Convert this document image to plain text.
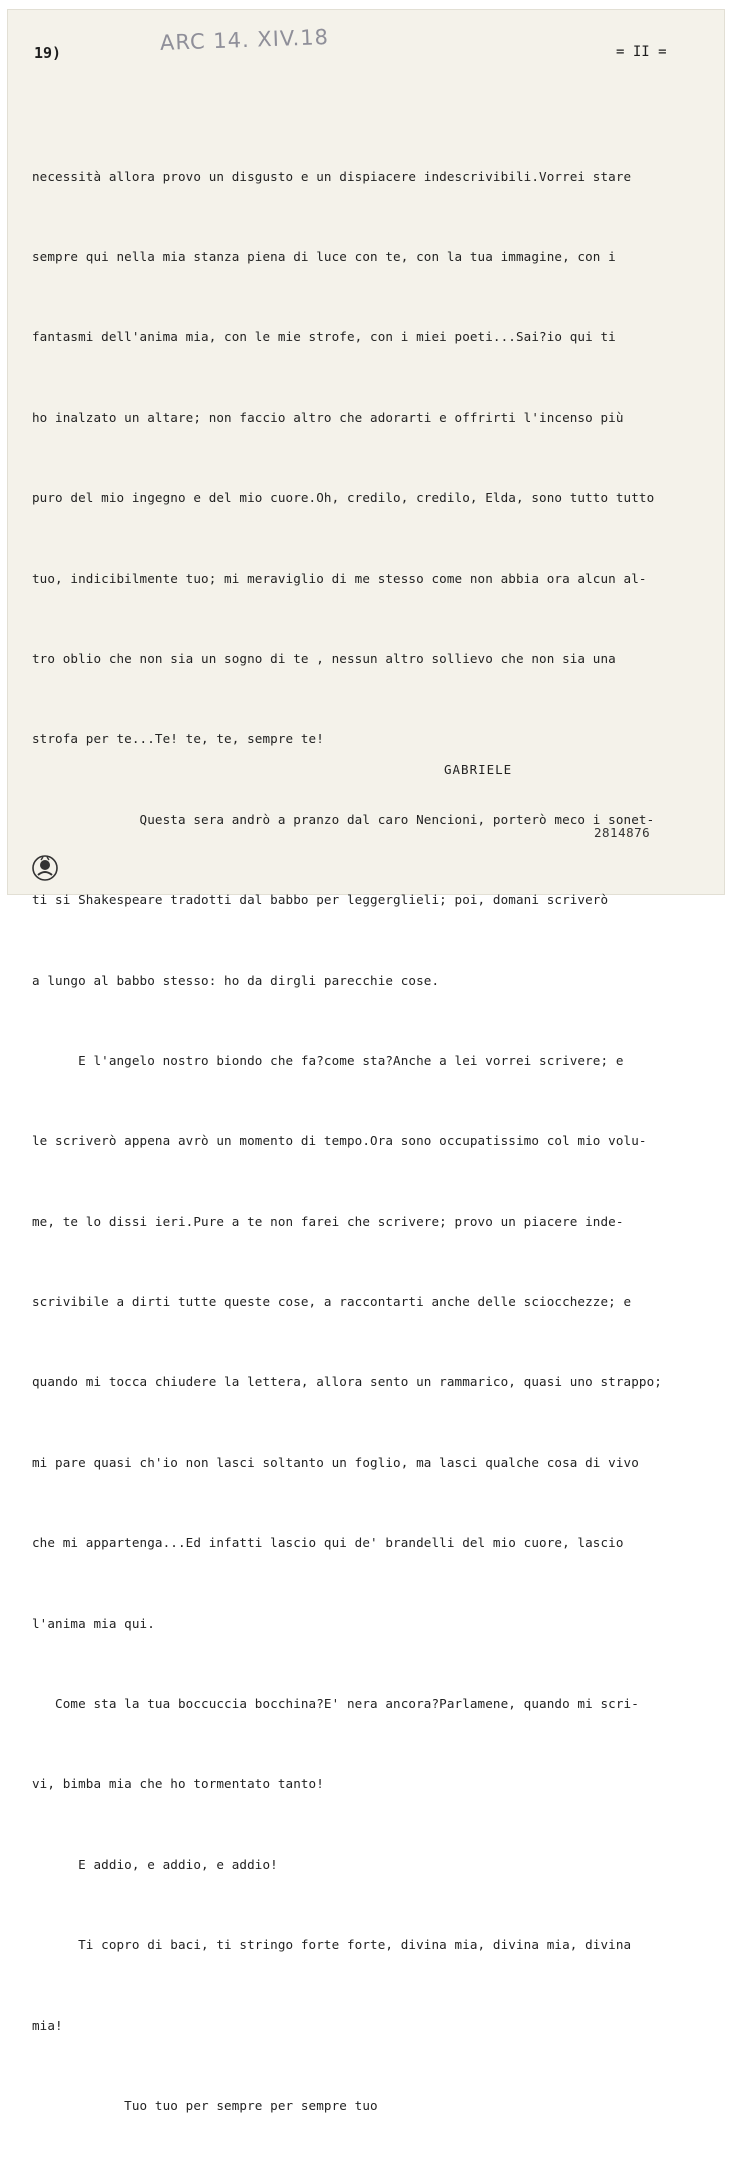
19)	ARC 14. XIV.18	= II =

necessità allora provo un disgusto e un dispiacere indescrivibili.Vorrei stare

sempre qui nella mia stanza piena di luce con te, con la tua immagine, con i

fantasmi dell'anima mia, con le mie strofe, con i miei poeti...Sai?io qui ti

ho inalzato un altare; non faccio altro che adorarti e offrirti l'incenso più

puro del mio ingegno e del mio cuore.Oh, credilo, credilo, Elda, sono tutto tutto

tuo, indicibilmente tuo; mi meraviglio di me stesso come non abbia ora alcun al-

tro oblio che non sia un sogno di te , nessun altro sollievo che non sia una

strofa per te...Te! te, te, sempre te!

Questa sera andrò a pranzo dal caro Nencioni, porterò meco i sonet-

ti si Shakespeare tradotti dal babbo per leggerglieli; poi, domani scriverò

a lungo al babbo stesso: ho da dirgli parecchie cose.

E l'angelo nostro biondo che fa?come sta?Anche a lei vorrei scrivere; e

le scriverò appena avrò un momento di tempo.Ora sono occupatissimo col mio volu-

me, te lo dissi ieri.Pure a te non farei che scrivere; provo un piacere inde-

scrivibile a dirti tutte queste cose, a raccontarti anche delle sciocchezze; e

quando mi tocca chiudere la lettera, allora sento un rammarico, quasi uno strappo;

mi pare quasi ch'io non lasci soltanto un foglio, ma lasci qualche cosa di vivo

che mi appartenga...Ed infatti lascio qui de' brandelli del mio cuore, lascio

l'anima mia qui.

Come sta la tua boccuccia bocchina?E' nera ancora?Parlamene, quando mi scri-

vi, bimba mia che ho tormentato tanto!

E addio, e addio, e addio!

Ti copro di baci, ti stringo forte forte, divina mia, divina mia, divina

mia!

Tuo tuo per sempre per sempre tuo

GABRIELE
2814876
